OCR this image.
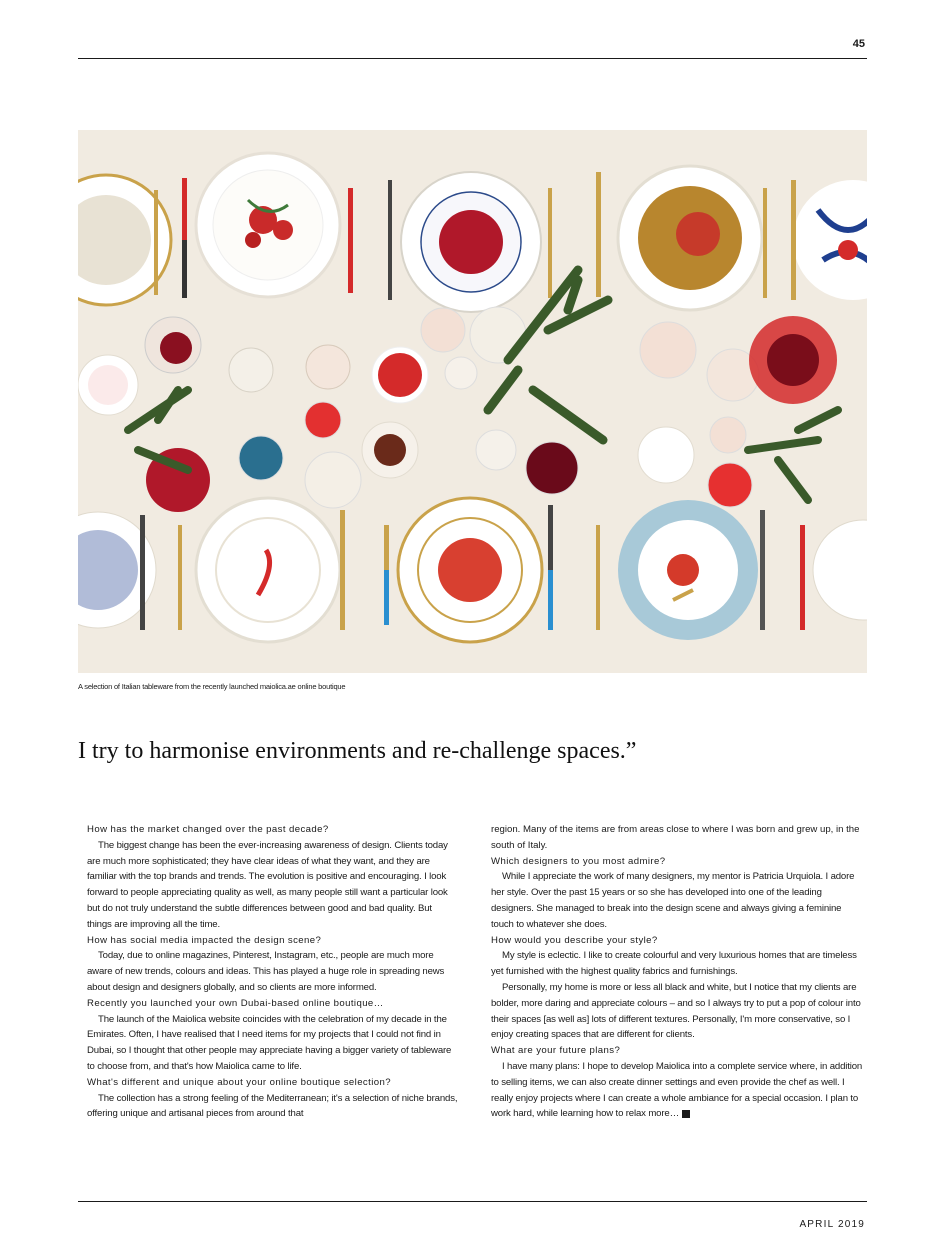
45
A selection of Italian tableware from the recently launched maiolica.ae online boutique
I try to harmonise environments and re-challenge spaces.”

How has the market changed over the past decade?

The biggest change has been the ever-increasing awareness of design. Clients today are much more sophisticated; they have clear ideas of what they want, and they are familiar with the top brands and trends. The evolution is positive and encouraging. I look forward to people appreciating quality as well, as many people still want a particular look but do not truly understand the subtle differences between good and bad quality. But things are improving all the time.

How has social media impacted the design scene?

Today, due to online magazines, Pinterest, Instagram, etc., people are much more aware of new trends, colours and ideas. This has played a huge role in spreading news about design and designers globally, and so clients are more informed.

Recently you launched your own Dubai-based online boutique…

The launch of the Maiolica website coincides with the celebration of my decade in the Emirates. Often, I have realised that I need items for my projects that I could not find in Dubai, so I thought that other people may appreciate having a bigger variety of tableware to choose from, and that's how Maiolica came to life.

What's different and unique about your online boutique selection?

The collection has a strong feeling of the Mediterranean; it's a selection of niche brands, offering unique and artisanal pieces from around that

region. Many of the items are from areas close to where I was born and grew up, in the south of Italy.

Which designers to you most admire?

While I appreciate the work of many designers, my mentor is Patricia Urquiola. I adore her style. Over the past 15 years or so she has developed into one of the leading designers. She managed to break into the design scene and always giving a feminine touch to whatever she does.

How would you describe your style?

My style is eclectic. I like to create colourful and very luxurious homes that are timeless yet furnished with the highest quality fabrics and furnishings.

Personally, my home is more or less all black and white, but I notice that my clients are bolder, more daring and appreciate colours – and so I always try to put a pop of colour into their spaces [as well as] lots of different textures. Personally, I'm more conservative, so I enjoy creating spaces that are different for clients.

What are your future plans?

I have many plans: I hope to develop Maiolica into a complete service where, in addition to selling items, we can also create dinner settings and even provide the chef as well. I really enjoy projects where I can create a whole ambiance for a special occasion. I plan to work hard, while learning how to relax more… c

APRIL 2019
